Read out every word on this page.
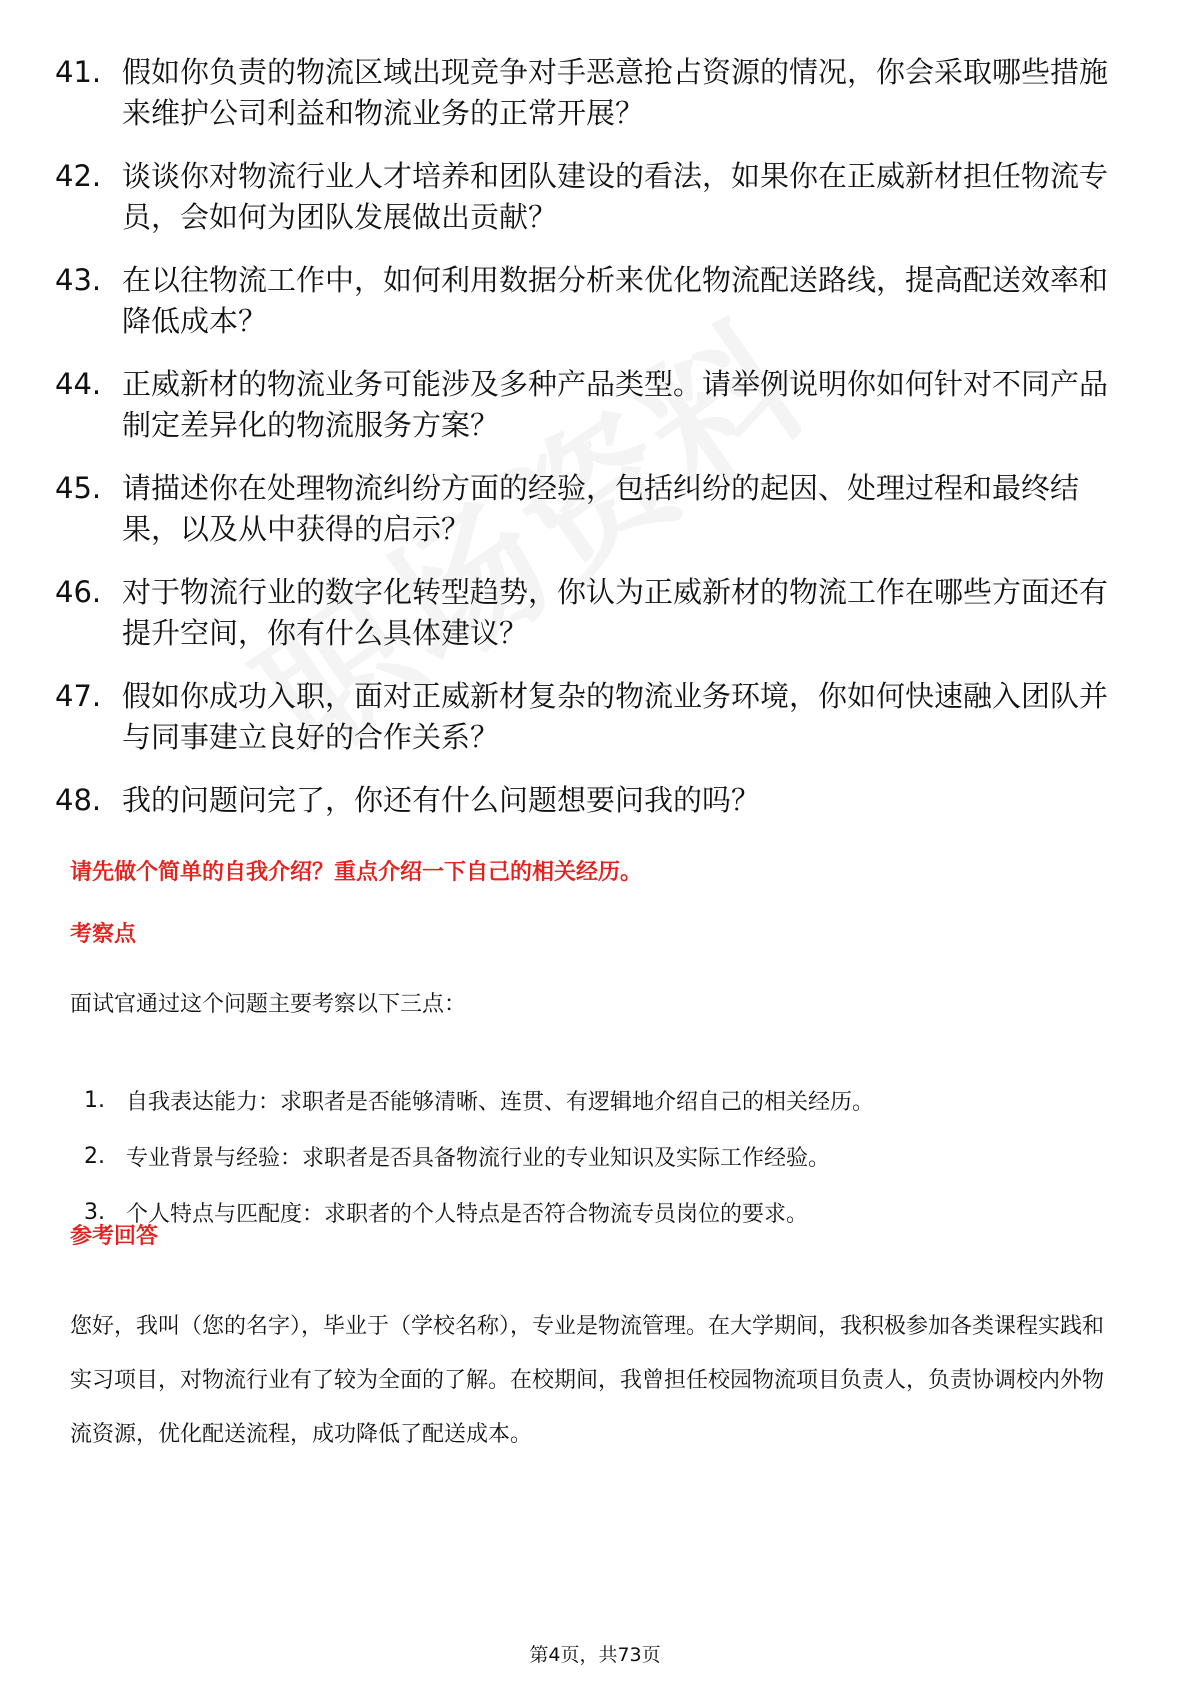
41. 假如你负责的物流区域出现竞争对手恶意抢占资源的情况，你会采取哪些措施来维护公司利益和物流业务的正常开展？
42. 谈谈你对物流行业人才培养和团队建设的看法，如果你在正威新材担任物流专员，会如何为团队发展做出贡献？
43. 在以往物流工作中，如何利用数据分析来优化物流配送路线，提高配送效率和降低成本？
44. 正威新材的物流业务可能涉及多种产品类型。请举例说明你如何针对不同产品制定差异化的物流服务方案？
45. 请描述你在处理物流纠纷方面的经验，包括纠纷的起因、处理过程和最终结果，以及从中获得的启示？
46. 对于物流行业的数字化转型趋势，你认为正威新材的物流工作在哪些方面还有提升空间，你有什么具体建议？
47. 假如你成功入职，面对正威新材复杂的物流业务环境，你如何快速融入团队并与同事建立良好的合作关系？
48. 我的问题问完了，你还有什么问题想要问我的吗？
请先做个简单的自我介绍？重点介绍一下自己的相关经历。
考察点
面试官通过这个问题主要考察以下三点：
1. 自我表达能力：求职者是否能够清晰、连贯、有逻辑地介绍自己的相关经历。
2. 专业背景与经验：求职者是否具备物流行业的专业知识及实际工作经验。
3. 个人特点与匹配度：求职者的个人特点是否符合物流专员岗位的要求。
参考回答

您好，我叫（您的名字），毕业于（学校名称），专业是物流管理。在大学期间，我积极参加各类课程实践和实习项目，对物流行业有了较为全面的了解。在校期间，我曾担任校园物流项目负责人，负责协调校内外物流资源，优化配送流程，成功降低了配送成本。

第4页，共73页
